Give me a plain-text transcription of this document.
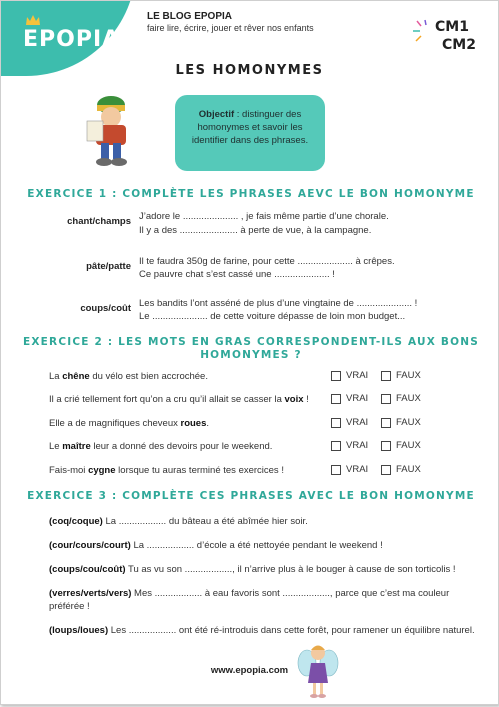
EPOPIA
LE BLOG EPOPIA
faire lire, écrire, jouer et rêver nos enfants	CM1
CM2
LES HOMONYMES
Objectif : distinguer des homonymes et savoir les identifier dans des phrases.
EXERCICE 1 : COMPLÈTE LES PHRASES AEVC LE BON HOMONYME
chant/champs J’adore le ..................... , je fais même partie d’une chorale.
Il y a des ...................... à perte de vue, à la campagne.
pâte/patte Il te faudra 350g de farine, pour cette ..................... à crêpes.
Ce pauvre chat s’est cassé une ..................... !
coups/coût Les bandits l’ont asséné de plus d’une vingtaine de ..................... !
Le ..................... de cette voiture dépasse de loin mon budget...
EXERCICE 2 : LES MOTS EN GRAS CORRESPONDENT-ILS AUX BONS
HOMONYMES ?
La chêne du vélo est bien accrochée.	VRAI	FAUX
Il a crié tellement fort qu’on a cru qu’il allait se casser la voix !	VRAI	FAUX
Elle a de magnifiques cheveux roues.	VRAI	FAUX
Le maître leur a donné des devoirs pour le weekend.	VRAI	FAUX
Fais-moi cygne lorsque tu auras terminé tes exercices !	VRAI	FAUX
EXERCICE 3 : COMPLÈTE CES PHRASES AVEC LE BON HOMONYME
(coq/coque) La .................. du bâteau a été abîmée hier soir.
(cour/cours/court) La .................. d’école a été nettoyée pendant le weekend !
(coups/cou/coût) Tu as vu son .................., il n’arrive plus à le bouger à cause de son torticolis !
(verres/verts/vers) Mes .................. à eau favoris sont .................., parce que c’est ma couleur préférée !
(loups/loues) Les .................. ont été ré-introduis dans cette forêt, pour ramener un équilibre naturel.
www.epopia.com
